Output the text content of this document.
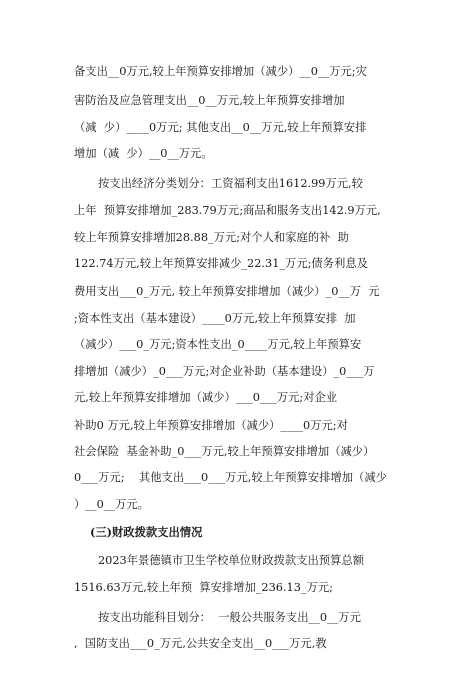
备支出__0万元,较上年预算安排增加（减少）__0__万元;灾
害防治及应急管理支出__0__万元,较上年预算安排增加
（减  少）____0万元; 其他支出__0__万元,较上年预算安排
增加（减  少）__0__万元。
按支出经济分类划分：工资福利支出1612.99万元,较
上年  预算安排增加_283.79万元;商品和服务支出142.9万元,
较上年预算安排增加28.88_万元;对个人和家庭的补  助
122.74万元,较上年预算安排减少_22.31_万元;债务利息及
费用支出___0_万元, 较上年预算安排增加（减少）_0__万  元
;资本性支出（基本建设）____0万元,较上年预算安排  加
（减少）___0_万元;资本性支出_0____万元,较上年预算安
排增加（减少）_0___万元;对企业补助（基本建设）_0___万
元,较上年预算安排增加（减少）___0___万元;对企业
补助0 万元,较上年预算安排增加（减少）____0万元;对
社会保险  基金补助_0___万元,较上年预算安排增加（减少）
0___万元;    其他支出___0___万元,较上年预算安排增加（减少
）__0__万元。
(三)财政拨款支出情况
2023年景德镇市卫生学校单位财政拨款支出预算总额
1516.63万元,较上年预  算安排增加_236.13_万元;
按支出功能科目划分：  一般公共服务支出__0__万元
,  国防支出___0_万元,公共安全支出__0___万元,教
